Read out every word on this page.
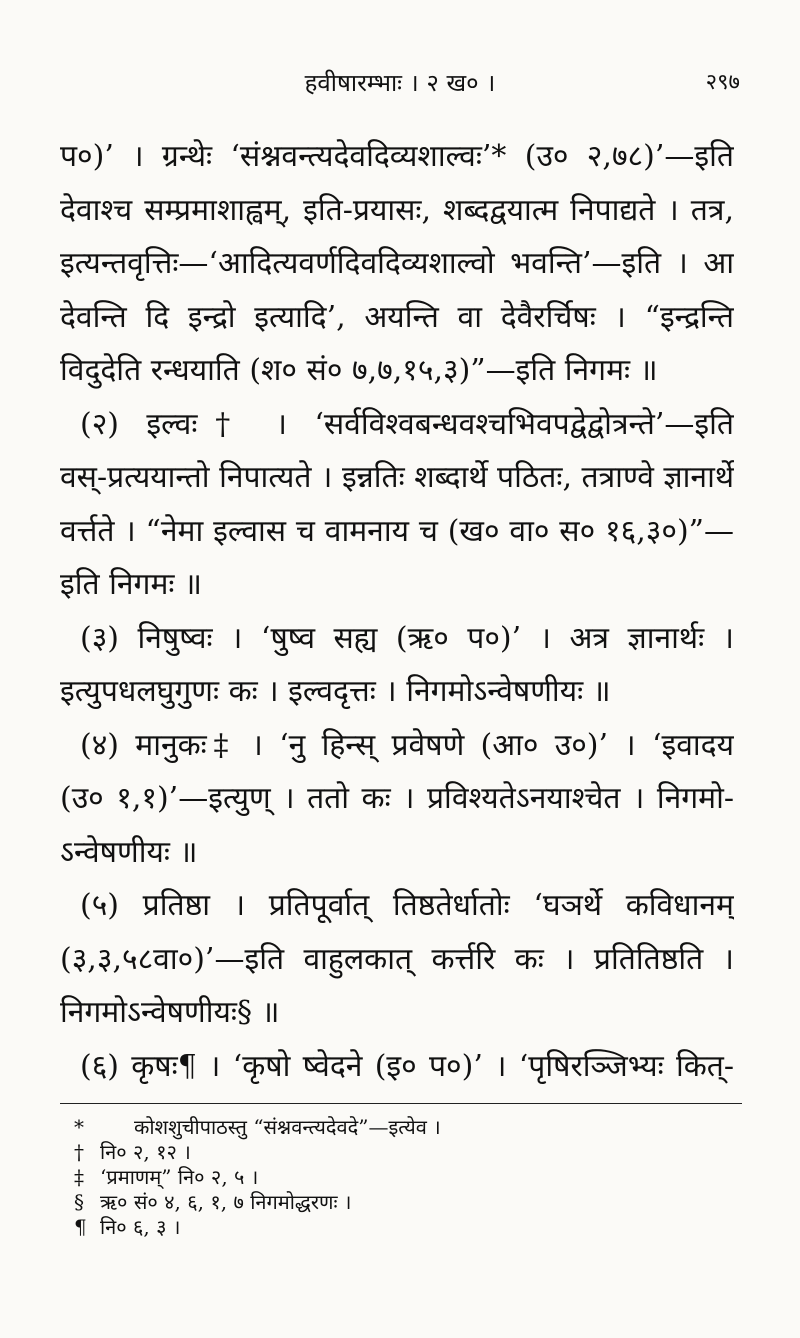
हवीषारम्भाः । २ ख० ।	२९७
प०)’ । ग्रन्थेः ‘संश्नवन्त्यदेवदिव्यशाल्वः’* (उ० २,७८)’—इति
देवाश्च सम्प्रमाशाह्वम्, इति-प्रयासः, शब्दद्वयात्म निपाद्यते । तत्र,
इत्यन्तवृत्तिः—‘आदित्यवर्णदिवदिव्यशाल्वो भवन्ति’—इति । आ
देवन्ति दि इन्द्रो इत्यादि’, अयन्ति वा देवैरर्चिषः । “इन्द्रन्ति
विदुदेति रन्धयाति (श० सं० ७,७,१५,३)”—इति निगमः ॥
(२) इल्वः† । ‘सर्वविश्वबन्धवश्चभिवपद्वेद्वोत्रन्ते’—इति
वस्-प्रत्ययान्तो निपात्यते । इन्नतिः शब्दार्थे पठितः, तत्राण्वे ज्ञानार्थे
वर्त्तते । “नेमा इल्वास च वामनाय च (ख० वा० स० १६,३०)”—
इति निगमः ॥
(३) निषुष्वः । ‘षुष्व सह्य (ऋ० प०)’ । अत्र ज्ञानार्थः ।
इत्युपधलघुगुणः कः । इल्वदृत्तः । निगमोऽन्वेषणीयः ॥
(४) मानुकः‡ । ‘नु हिन्स् प्रवेषणे (आ० उ०)’ । ‘इवादय
(उ० १,१)’—इत्युण् । ततो कः । प्रविश्यतेऽनयाश्चेत । निगमो-
ऽन्वेषणीयः ॥
(५) प्रतिष्ठा । प्रतिपूर्वात् तिष्ठतेर्धातोः ‘घञर्थे कविधानम्
(३,३,५८वा०)’—इति वाहुलकात् कर्त्तरि कः । प्रतितिष्ठति ।
निगमोऽन्वेषणीयः§ ॥
(६) कृषः¶ । ‘कृषो ष्वेदने (इ० प०)’ । ‘पृषिरञ्जिभ्यः कित्-
*	कोशशुचीपाठस्तु “संश्नवन्त्यदेवदे”—इत्येव ।
† नि० २, १२ ।
‡ ‘प्रमाणम्” नि० २, ५ ।
§ ऋ० सं० ४, ६, १, ७ निगमोद्धरणः ।
¶ नि० ६, ३ ।
